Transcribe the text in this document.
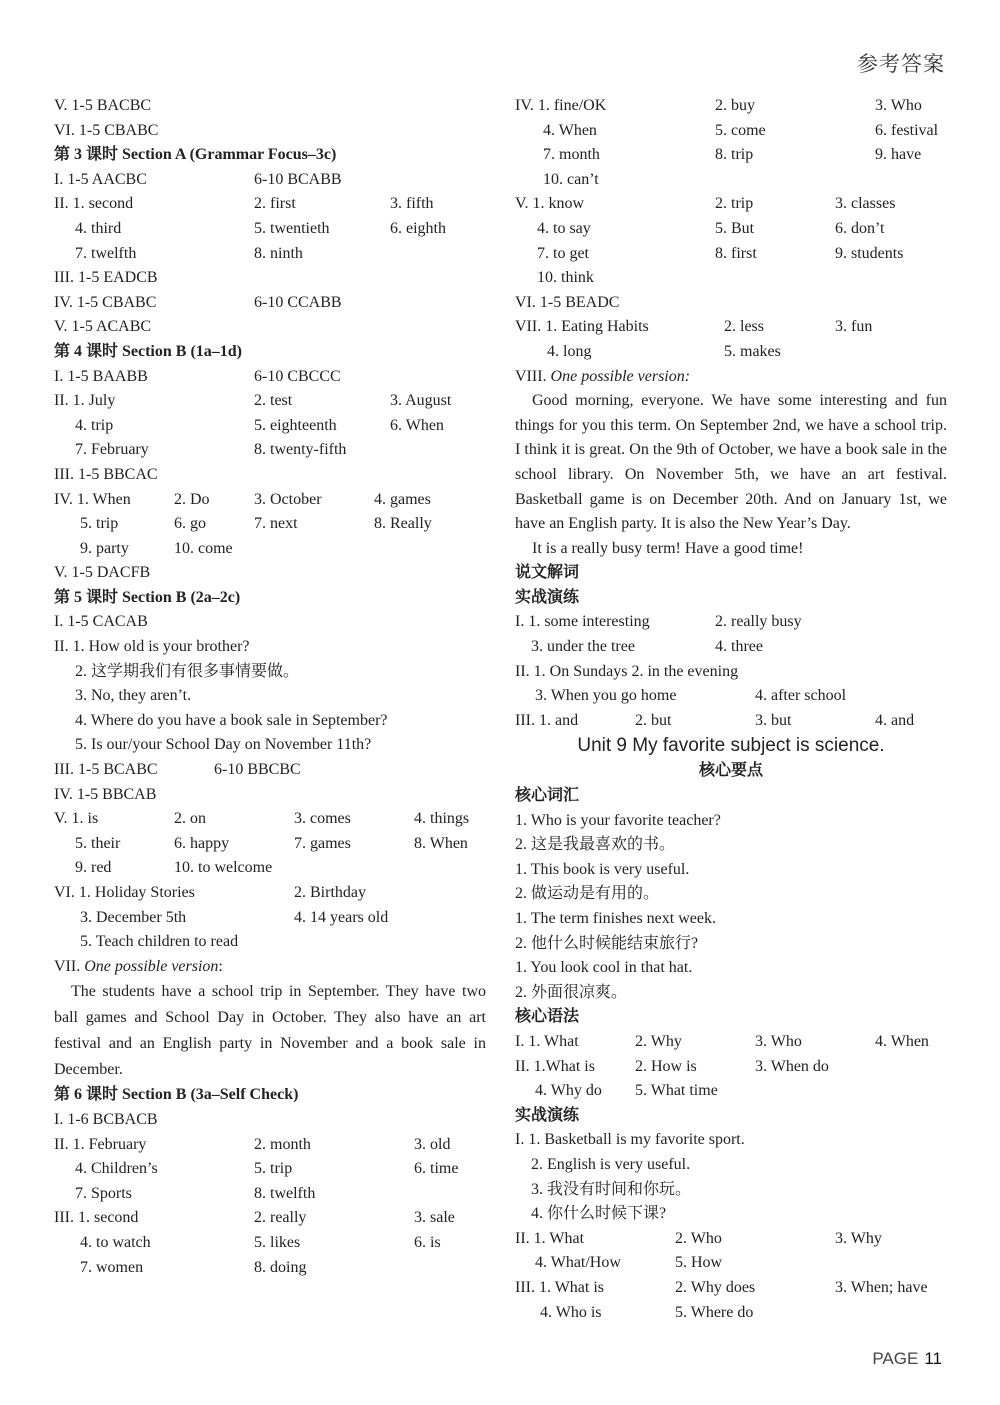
参考答案
V. 1-5 BACBC
VI. 1-5 CBABC
第 3 课时 Section A (Grammar Focus–3c)
I. 1-5 AACBC	6-10 BCABB
II. 1. second	2. first	3. fifth
4. third	5. twentieth	6. eighth
7. twelfth	8. ninth
III. 1-5 EADCB
IV. 1-5 CBABC	6-10 CCABB
V. 1-5 ACABC
第 4 课时 Section B (1a–1d)
I. 1-5 BAABB	6-10 CBCCC
II. 1. July	2. test	3. August
4. trip	5. eighteenth	6. When
7. February	8. twenty-fifth
III. 1-5 BBCAC
IV. 1. When	2. Do	3. October	4. games
5. trip	6. go	7. next	8. Really
9. party	10. come
V. 1-5 DACFB
第 5 课时 Section B (2a–2c)
I. 1-5 CACAB
II. 1. How old is your brother?
2. 这学期我们有很多事情要做。
3. No, they aren’t.
4. Where do you have a book sale in September?
5. Is our/your School Day on November 11th?
III. 1-5 BCABC	6-10 BBCBC
IV. 1-5 BBCAB
V. 1. is	2. on	3. comes	4. things
5. their	6. happy	7. games	8. When
9. red	10. to welcome
VI. 1. Holiday Stories	2. Birthday
3. December 5th	4. 14 years old
5. Teach children to read
VII. One possible version:
The students have a school trip in September. They have two ball games and School Day in October. They also have an art festival and an English party in November and a book sale in December.
第 6 课时 Section B (3a–Self Check)
I. 1-6 BCBACB
II. 1. February	2. month	3. old
4. Children’s	5. trip	6. time
7. Sports	8. twelfth
III. 1. second	2. really	3. sale
4. to watch	5. likes	6. is
7. women	8. doing
IV. 1. fine/OK	2. buy	3. Who
4. When	5. come	6. festival
7. month	8. trip	9. have
10. can’t
V. 1. know	2. trip	3. classes
4. to say	5. But	6. don’t
7. to get	8. first	9. students
10. think
VI. 1-5 BEADC
VII. 1. Eating Habits	2. less	3. fun
4. long	5. makes
VIII. One possible version:
Good morning, everyone. We have some interesting and fun things for you this term. On September 2nd, we have a school trip. I think it is great. On the 9th of October, we have a book sale in the school library. On November 5th, we have an art festival. Basketball game is on December 20th. And on January 1st, we have an English party. It is also the New Year’s Day.
It is a really busy term! Have a good time!
说文解词
实战演练
I. 1. some interesting	2. really busy
3. under the tree	4. three
II. 1. On Sundays 2. in the evening
3. When you go home	4. after school
III. 1. and	2. but	3. but	4. and
Unit 9 My favorite subject is science.
核心要点
核心词汇
1. Who is your favorite teacher?
2. 这是我最喜欢的书。
1. This book is very useful.
2. 做运动是有用的。
1. The term finishes next week.
2. 他什么时候能结束旅行?
1. You look cool in that hat.
2. 外面很凉爽。
核心语法
I. 1. What	2. Why	3. Who	4. When
II. 1.What is	2. How is	3. When do
4. Why do 5. What time
实战演练
I. 1. Basketball is my favorite sport.
2. English is very useful.
3. 我没有时间和你玩。
4. 你什么时候下课?
II. 1. What	2. Who	3. Why
4. What/How	5. How
III. 1. What is	2. Why does	3. When; have
4. Who is	5. Where do
PAGE 11
